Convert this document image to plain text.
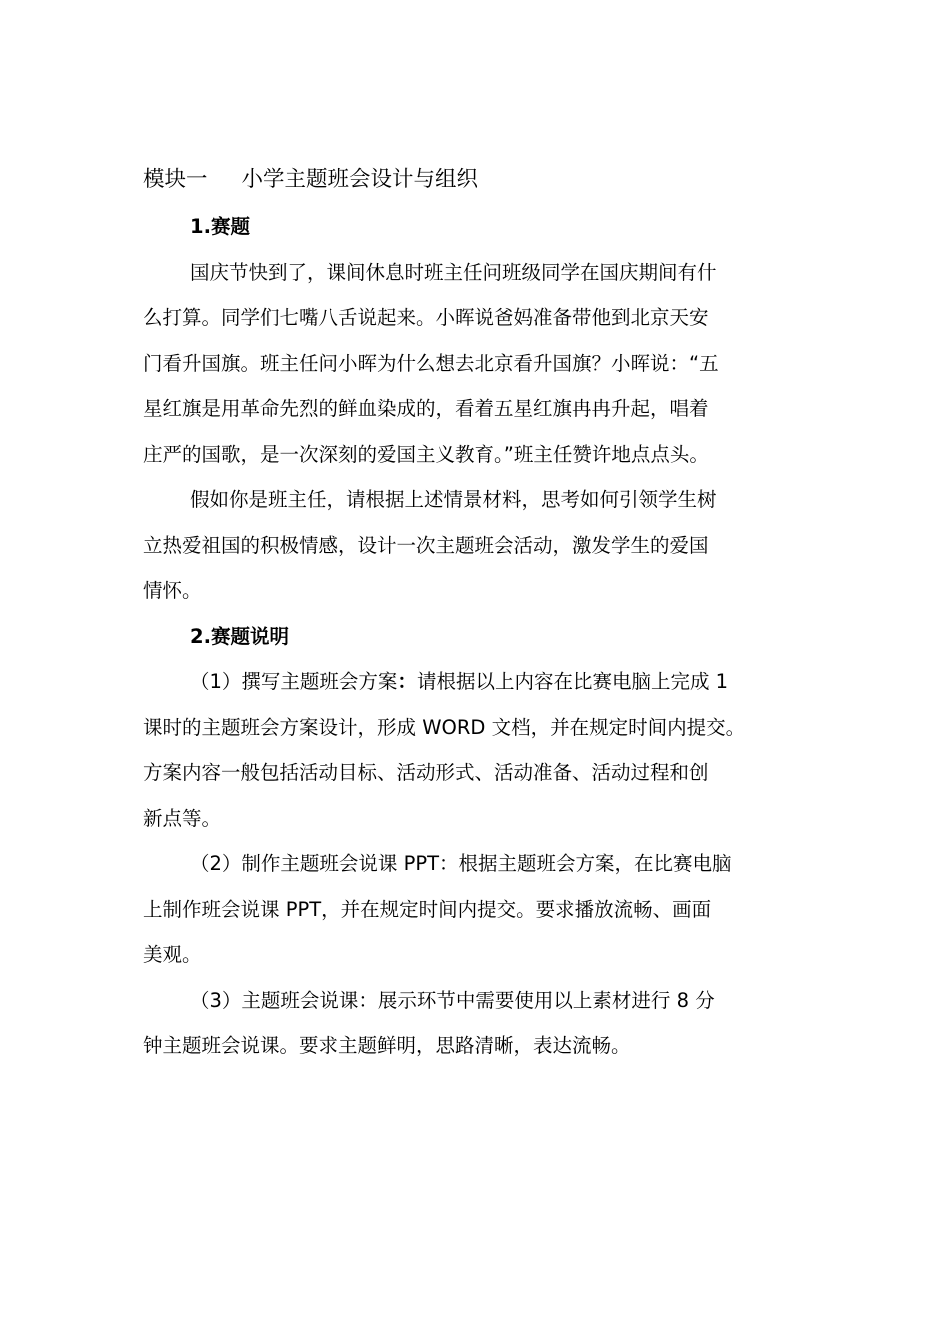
模块一 小学主题班会设计与组织
1.赛题
国庆节快到了，课间休息时班主任问班级同学在国庆期间有什
么打算。同学们七嘴八舌说起来。小晖说爸妈准备带他到北京天安
门看升国旗。班主任问小晖为什么想去北京看升国旗？小晖说：“五
星红旗是用革命先烈的鲜血染成的，看着五星红旗冉冉升起，唱着
庄严的国歌，是一次深刻的爱国主义教育。”班主任赞许地点点头。
假如你是班主任，请根据上述情景材料，思考如何引领学生树
立热爱祖国的积极情感，设计一次主题班会活动，激发学生的爱国
情怀。
2.赛题说明
（1）撰写主题班会方案：请根据以上内容在比赛电脑上完成 1
课时的主题班会方案设计，形成 WORD 文档，并在规定时间内提交。
方案内容一般包括活动目标、活动形式、活动准备、活动过程和创
新点等。
（2）制作主题班会说课 PPT：根据主题班会方案，在比赛电脑
上制作班会说课 PPT，并在规定时间内提交。要求播放流畅、画面
美观。
（3）主题班会说课：展示环节中需要使用以上素材进行 8 分
钟主题班会说课。要求主题鲜明，思路清晰，表达流畅。
